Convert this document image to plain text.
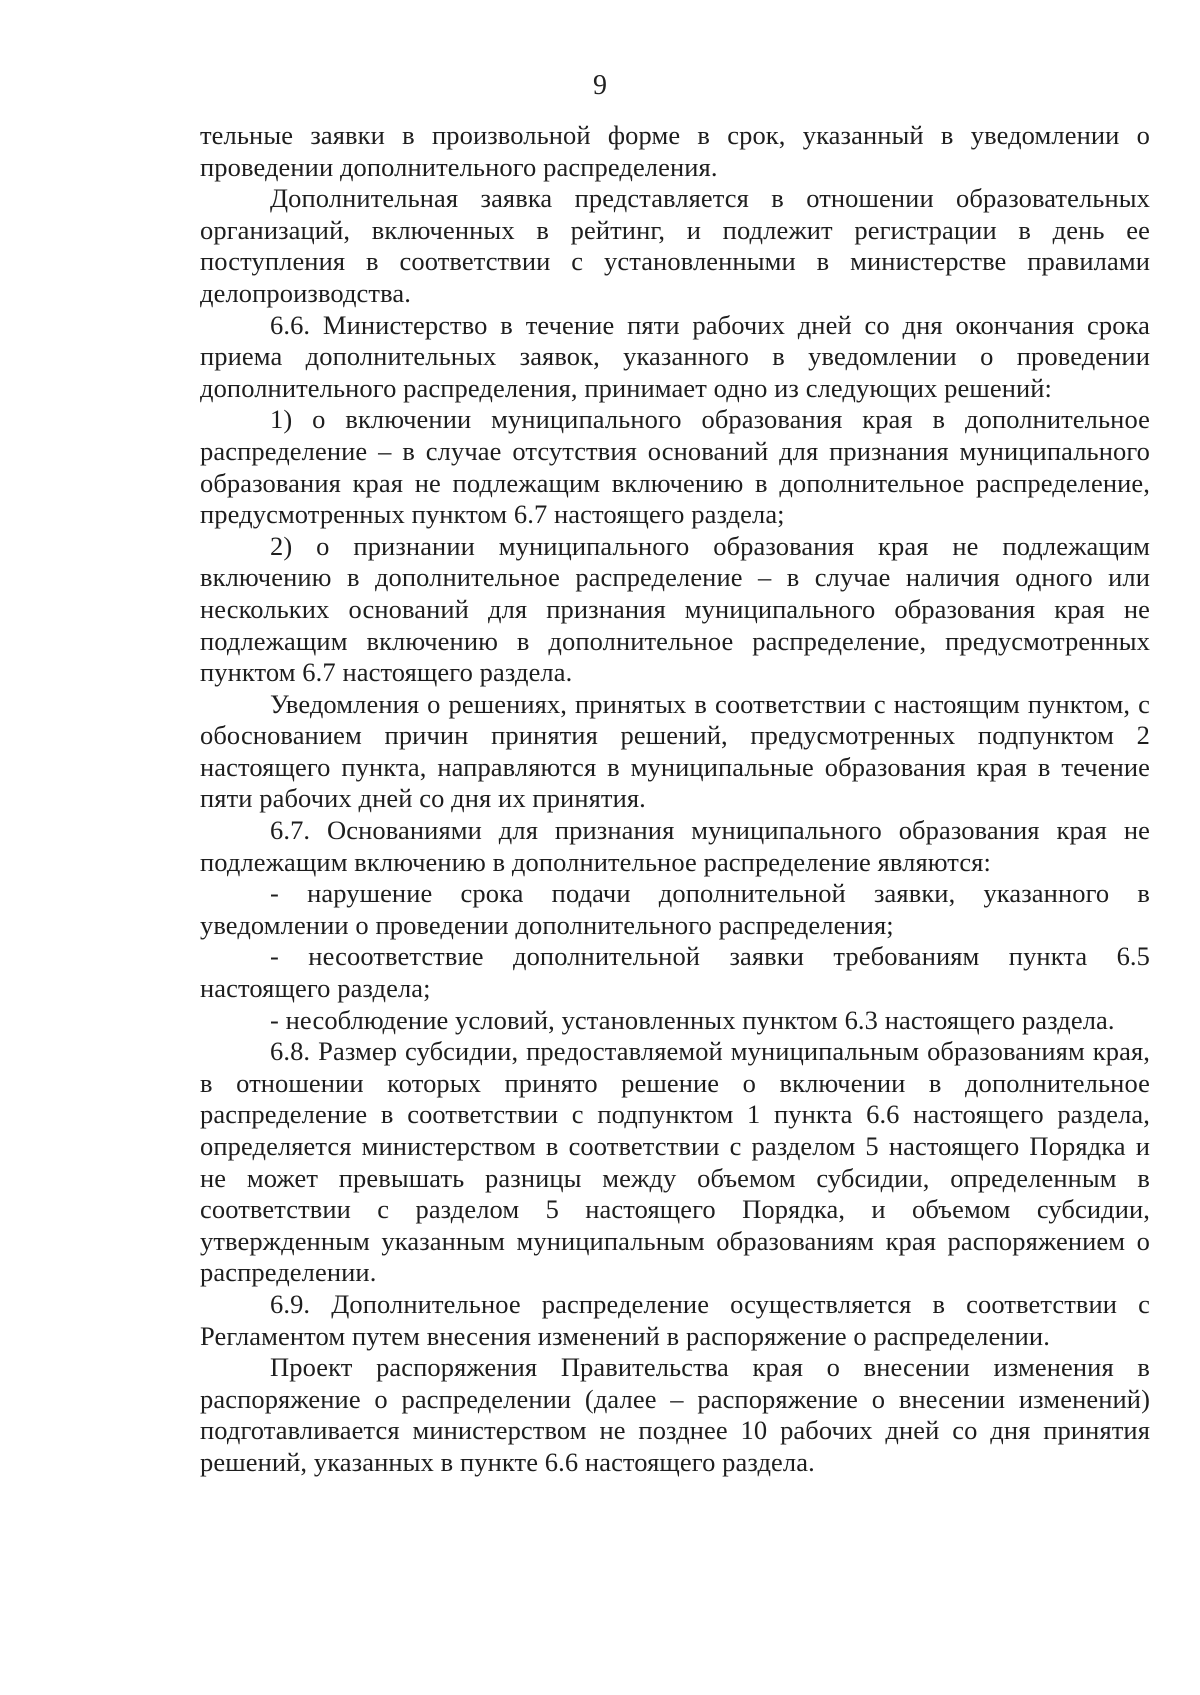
9

тельные заявки в произвольной форме в срок, указанный в уведомлении о проведении дополнительного распределения.

Дополнительная заявка представляется в отношении образовательных организаций, включенных в рейтинг, и подлежит регистрации в день ее поступления в соответствии с установленными в министерстве правилами делопроизводства.

6.6. Министерство в течение пяти рабочих дней со дня окончания срока приема дополнительных заявок, указанного в уведомлении о проведении дополнительного распределения, принимает одно из следующих решений:

1) о включении муниципального образования края в дополнительное распределение – в случае отсутствия оснований для признания муниципального образования края не подлежащим включению в дополнительное распределение, предусмотренных пунктом 6.7 настоящего раздела;

2) о признании муниципального образования края не подлежащим включению в дополнительное распределение – в случае наличия одного или нескольких оснований для признания муниципального образования края не подлежащим включению в дополнительное распределение, предусмотренных пунктом 6.7 настоящего раздела.

Уведомления о решениях, принятых в соответствии с настоящим пунктом, с обоснованием причин принятия решений, предусмотренных подпунктом 2 настоящего пункта, направляются в муниципальные образования края в течение пяти рабочих дней со дня их принятия.

6.7. Основаниями для признания муниципального образования края не подлежащим включению в дополнительное распределение являются:

- нарушение срока подачи дополнительной заявки, указанного в уведомлении о проведении дополнительного распределения;

- несоответствие дополнительной заявки требованиям пункта 6.5 настоящего раздела;

- несоблюдение условий, установленных пунктом 6.3 настоящего раздела.

6.8. Размер субсидии, предоставляемой муниципальным образованиям края, в отношении которых принято решение о включении в дополнительное распределение в соответствии с подпунктом 1 пункта 6.6 настоящего раздела, определяется министерством в соответствии с разделом 5 настоящего Порядка и не может превышать разницы между объемом субсидии, определенным в соответствии с разделом 5 настоящего Порядка, и объемом субсидии, утвержденным указанным муниципальным образованиям края распоряжением о распределении.

6.9. Дополнительное распределение осуществляется в соответствии с Регламентом путем внесения изменений в распоряжение о распределении.

Проект распоряжения Правительства края о внесении изменения в распоряжение о распределении (далее – распоряжение о внесении изменений) подготавливается министерством не позднее 10 рабочих дней со дня принятия решений, указанных в пункте 6.6 настоящего раздела.
